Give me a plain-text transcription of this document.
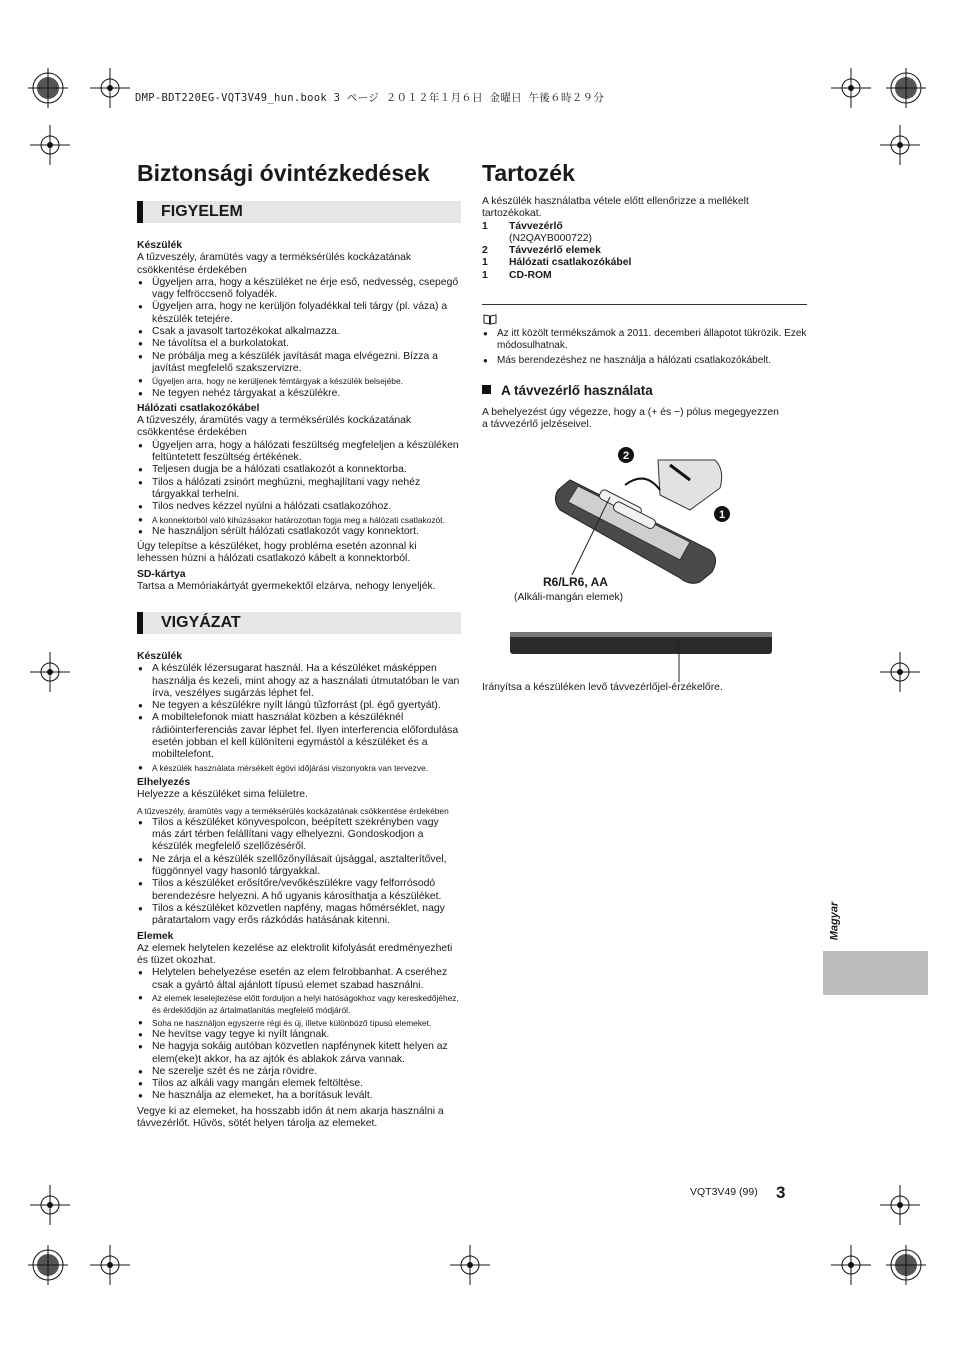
DMP-BDT220EG-VQT3V49_hun.book 3 ページ ２０１２年１月６日 金曜日 午後６時２９分
Biztonsági óvintézkedések
FIGYELEM
Készülék
A tűzveszély, áramütés vagy a terméksérülés kockázatának csökkentése érdekében
● Ügyeljen arra, hogy a készüléket ne érje eső, nedvesség, csepegő vagy felfröccsenő folyadék.
● Ügyeljen arra, hogy ne kerüljön folyadékkal teli tárgy (pl. váza) a készülék tetejére.
● Csak a javasolt tartozékokat alkalmazza.
● Ne távolítsa el a burkolatokat.
● Ne próbálja meg a készülék javítását maga elvégezni. Bízza a javítást megfelelő szakszervizre.
● Ügyeljen arra, hogy ne kerüljenek fémtárgyak a készülék belsejébe.
● Ne tegyen nehéz tárgyakat a készülékre.
Hálózati csatlakozókábel
A tűzveszély, áramütés vagy a terméksérülés kockázatának csökkentése érdekében
● Ügyeljen arra, hogy a hálózati feszültség megfeleljen a készüléken feltüntetett feszültség értékének.
● Teljesen dugja be a hálózati csatlakozót a konnektorba.
● Tilos a hálózati zsinórt meghúzni, meghajlítani vagy nehéz tárgyakkal terhelni.
● Tilos nedves kézzel nyúlni a hálózati csatlakozóhoz.
● A konnektorból való kihúzásakor határozottan fogja meg a hálózati csatlakozót.
● Ne használjon sérült hálózati csatlakozót vagy konnektort.
Úgy telepítse a készüléket, hogy probléma esetén azonnal ki lehessen húzni a hálózati csatlakozó kábelt a konnektorból.
SD-kártya
Tartsa a Memóriakártyát gyermekektől elzárva, nehogy lenyeljék.
VIGYÁZAT
Készülék
● A készülék lézersugarat használ. Ha a készüléket másképpen használja és kezeli, mint ahogy az a használati útmutatóban le van írva, veszélyes sugárzás léphet fel.
● Ne tegyen a készülékre nyílt lángú tűzforrást (pl. égő gyertyát).
● A mobiltelefonok miatt használat közben a készüléknél rádióinterferenciás zavar léphet fel. Ilyen interferencia előfordulása esetén jobban el kell különíteni egymástól a készüléket és a mobiltelefont.
● A készülék használata mérsékelt égövi időjárási viszonyokra van tervezve.
Elhelyezés
Helyezze a készüléket sima felületre.
A tűzveszély, áramütés vagy a terméksérülés kockázatának csökkentése érdekében
● Tilos a készüléket könyvespolcon, beépített szekrényben vagy más zárt térben felállítani vagy elhelyezni. Gondoskodjon a készülék megfelelő szellőzéséről.
● Ne zárja el a készülék szellőzőnyílásait újsággal, asztalterítővel, függönnyel vagy hasonló tárgyakkal.
● Tilos a készüléket erősítőre/vevőkészülékre vagy felforrósodó berendezésre helyezni. A hő ugyanis károsíthatja a készüléket.
● Tilos a készüléket közvetlen napfény, magas hőmérséklet, nagy páratartalom vagy erős rázkódás hatásának kitenni.
Elemek
Az elemek helytelen kezelése az elektrolit kifolyását eredményezheti és tüzet okozhat.
● Helytelen behelyezése esetén az elem felrobbanhat. A cseréhez csak a gyártó által ajánlott típusú elemet szabad használni.
● Az elemek leselejtezése előtt forduljon a helyi hatóságokhoz vagy kereskedőjéhez, és érdeklődjön az ártalmatlanítás megfelelő módjáról.
● Soha ne használjon egyszerre régi és új, illetve különböző típusú elemeket.
● Ne hevítse vagy tegye ki nyílt lángnak.
● Ne hagyja sokáig autóban közvetlen napfénynek kitett helyen az elem(eke)t akkor, ha az ajtók és ablakok zárva vannak.
● Ne szerelje szét és ne zárja rövidre.
● Tilos az alkáli vagy mangán elemek feltöltése.
● Ne használja az elemeket, ha a borításuk levált.
Vegye ki az elemeket, ha hosszabb időn át nem akarja használni a távvezérlőt. Hűvös, sötét helyen tárolja az elemeket.
Tartozék
A készülék használatba vétele előtt ellenőrizze a mellékelt tartozékokat.
1	Távvezérlő
(N2QAYB000722)
2	Távvezérlő elemek
1	Hálózati csatlakozókábel
1	CD-ROM
● Az itt közölt termékszámok a 2011. decemberi állapotot tükrözik. Ezek módosulhatnak.
● Más berendezéshez ne használja a hálózati csatlakozókábelt.
A távvezérlő használata
A behelyezést úgy végezze, hogy a (+ és −) pólus megegyezzen a távvezérlő jelzéseivel.
2
1
R6/LR6, AA
(Alkáli-mangán elemek)
Irányítsa a készüléken levő távvezérlőjel-érzékelőre.
Magyar
VQT3V49 (99) 3
